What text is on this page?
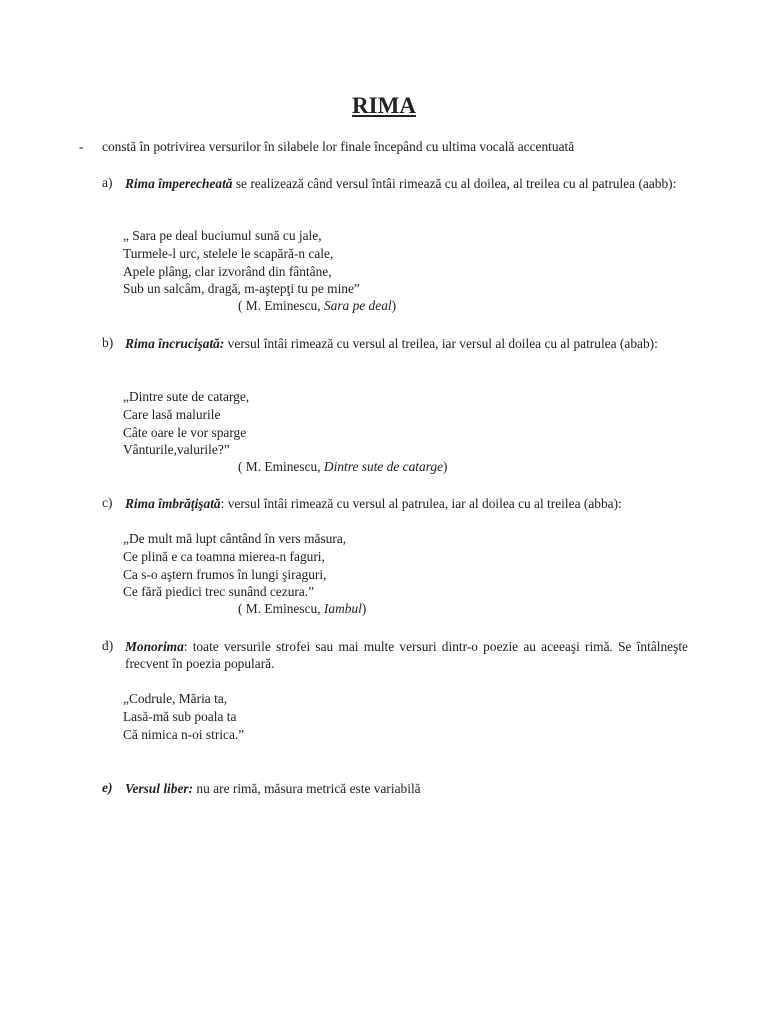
RIMA
- constă în potrivirea versurilor în silabele lor finale începând cu ultima vocală accentuată
a) Rima împerecheată se realizează când versul întâi rimează cu al doilea, al treilea cu al patrulea (aabb):
„ Sara pe deal buciumul sună cu jale,
Turmele-l urc, stelele le scapără-n cale,
Apele plâng, clar izvorând din fântâne,
Sub un salcâm, dragă, m-aştepţi tu pe mine”
( M. Eminescu, Sara pe deal)
b) Rima încrucişată: versul întâi rimează cu versul al treilea, iar versul al doilea cu al patrulea (abab):
„Dintre sute de catarge,
Care lasă malurile
Câte oare le vor sparge
Vânturile,valurile?”
( M. Eminescu, Dintre sute de catarge)
c) Rima îmbrăţişată: versul întâi rimează cu versul al patrulea, iar al doilea cu al treilea (abba):
„De mult mă lupt cântând în vers măsura,
Ce plină e ca toamna mierea-n faguri,
Ca s-o aştern frumos în lungi şiraguri,
Ce fără piedici trec sunând cezura.”
( M. Eminescu, Iambul)
d) Monorima: toate versurile strofei sau mai multe versuri dintr-o poezie au aceeaşi rimă. Se întâlneşte frecvent în poezia populară.
„Codrule, Măria ta,
Lasă-mă sub poala ta
Că nimica n-oi strica.”
e) Versul liber: nu are rimă, măsura metrică este variabilă
